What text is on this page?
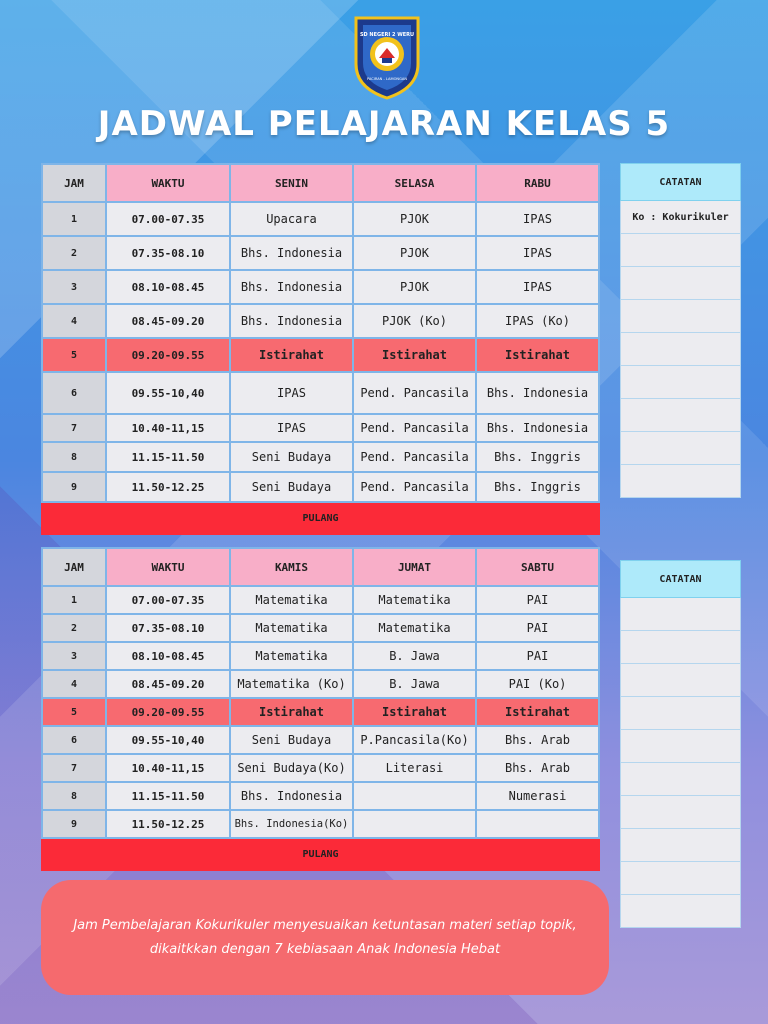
SD NEGERI 2 WERU
PACIRAN - LAMONGAN
JADWAL PELAJARAN KELAS 5
JAM	WAKTU	SENIN	SELASA	RABU
1	07.00-07.35	Upacara	PJOK	IPAS
2	07.35-08.10	Bhs. Indonesia	PJOK	IPAS
3	08.10-08.45	Bhs. Indonesia	PJOK	IPAS
4	08.45-09.20	Bhs. Indonesia	PJOK (Ko)	IPAS (Ko)
5	09.20-09.55	Istirahat	Istirahat	Istirahat
6	09.55-10,40	IPAS	Pend. Pancasila	Bhs. Indonesia
7	10.40-11,15	IPAS	Pend. Pancasila	Bhs. Indonesia
8	11.15-11.50	Seni Budaya	Pend. Pancasila	Bhs. Inggris
9	11.50-12.25	Seni Budaya	Pend. Pancasila	Bhs. Inggris
PULANG				
JAM	WAKTU	KAMIS	JUMAT	SABTU
1	07.00-07.35	Matematika	Matematika	PAI
2	07.35-08.10	Matematika	Matematika	PAI
3	08.10-08.45	Matematika	B. Jawa	PAI
4	08.45-09.20	Matematika (Ko)	B. Jawa	PAI (Ko)
5	09.20-09.55	Istirahat	Istirahat	Istirahat
6	09.55-10,40	Seni Budaya	P.Pancasila(Ko)	Bhs. Arab
7	10.40-11,15	Seni Budaya(Ko)	Literasi	Bhs. Arab
8	11.15-11.50	Bhs. Indonesia		Numerasi
9	11.50-12.25	Bhs. Indonesia(Ko)		
PULANG				
CATATAN
Ko : Kokurikuler

CATATAN

Jam Pembelajaran Kokurikuler menyesuaikan ketuntasan materi setiap topik, dikaitkkan dengan 7 kebiasaan Anak Indonesia Hebat
